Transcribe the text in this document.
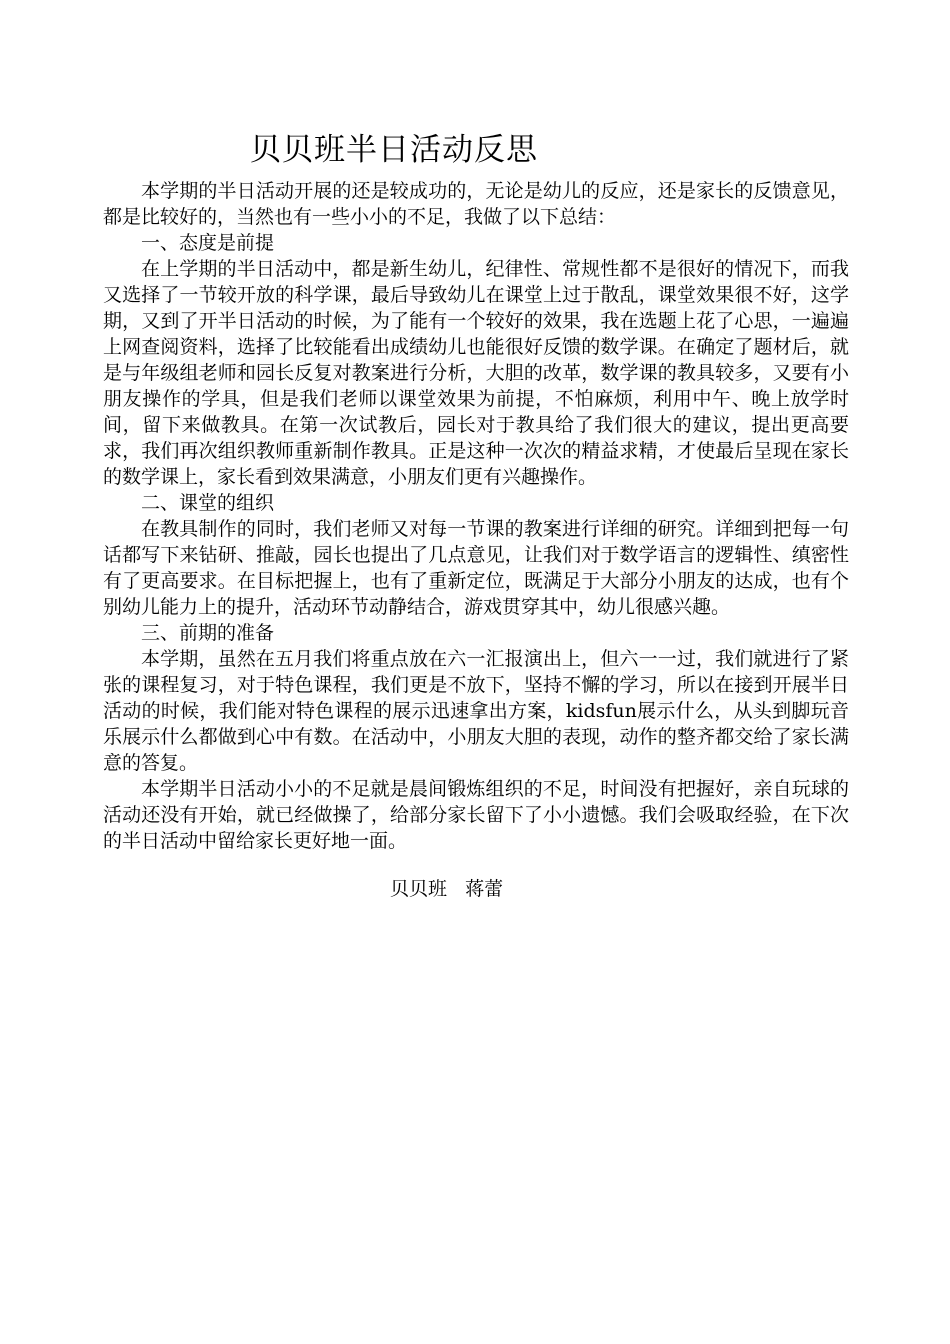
贝贝班半日活动反思

本学期的半日活动开展的还是较成功的，无论是幼儿的反应，还是家长的反馈意见，都是比较好的，当然也有一些小小的不足，我做了以下总结：

一、态度是前提

在上学期的半日活动中，都是新生幼儿，纪律性、常规性都不是很好的情况下，而我又选择了一节较开放的科学课，最后导致幼儿在课堂上过于散乱，课堂效果很不好，这学期，又到了开半日活动的时候，为了能有一个较好的效果，我在选题上花了心思，一遍遍上网查阅资料，选择了比较能看出成绩幼儿也能很好反馈的数学课。在确定了题材后，就是与年级组老师和园长反复对教案进行分析，大胆的改革，数学课的教具较多，又要有小朋友操作的学具，但是我们老师以课堂效果为前提，不怕麻烦，利用中午、晚上放学时间，留下来做教具。在第一次试教后，园长对于教具给了我们很大的建议，提出更高要求，我们再次组织教师重新制作教具。正是这种一次次的精益求精，才使最后呈现在家长的数学课上，家长看到效果满意，小朋友们更有兴趣操作。

二、课堂的组织

在教具制作的同时，我们老师又对每一节课的教案进行详细的研究。详细到把每一句话都写下来钻研、推敲，园长也提出了几点意见，让我们对于数学语言的逻辑性、缜密性有了更高要求。在目标把握上，也有了重新定位，既满足于大部分小朋友的达成，也有个别幼儿能力上的提升，活动环节动静结合，游戏贯穿其中，幼儿很感兴趣。

三、前期的准备

本学期，虽然在五月我们将重点放在六一汇报演出上，但六一一过，我们就进行了紧张的课程复习，对于特色课程，我们更是不放下，坚持不懈的学习，所以在接到开展半日活动的时候，我们能对特色课程的展示迅速拿出方案，kidsfun展示什么，从头到脚玩音乐展示什么都做到心中有数。在活动中，小朋友大胆的表现，动作的整齐都交给了家长满意的答复。

本学期半日活动小小的不足就是晨间锻炼组织的不足，时间没有把握好，亲自玩球的活动还没有开始，就已经做操了，给部分家长留下了小小遗憾。我们会吸取经验，在下次的半日活动中留给家长更好地一面。

贝贝班   蒋蕾
